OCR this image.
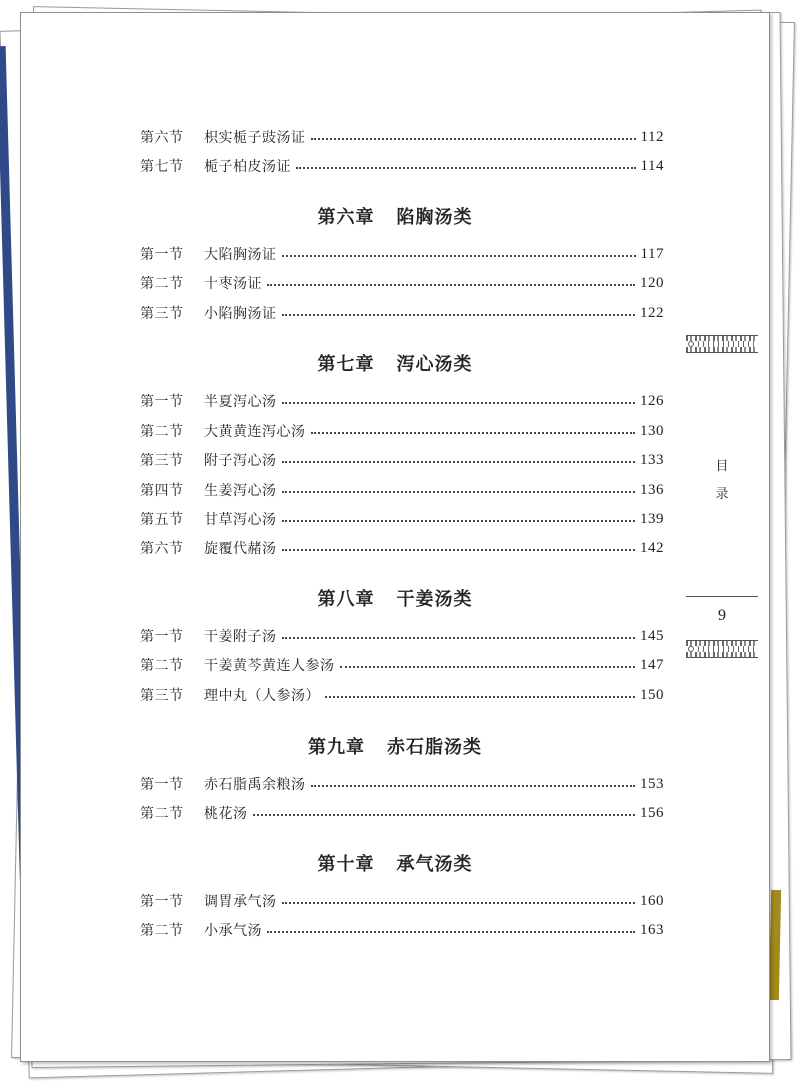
第六节	枳实栀子豉汤证	112
第七节	栀子柏皮汤证	114
第六章 陷胸汤类
第一节	大陷胸汤证	117
第二节	十枣汤证	120
第三节	小陷胸汤证	122
第七章 泻心汤类
第一节	半夏泻心汤	126
第二节	大黄黄连泻心汤	130
第三节	附子泻心汤	133
第四节	生姜泻心汤	136
第五节	甘草泻心汤	139
第六节	旋覆代赭汤	142
第八章 干姜汤类
第一节	干姜附子汤	145
第二节	干姜黄芩黄连人参汤	147
第三节	理中丸（人参汤）	150
第九章 赤石脂汤类
第一节	赤石脂禹余粮汤	153
第二节	桃花汤	156
第十章 承气汤类
第一节	调胃承气汤	160
第二节	小承气汤	163
目
录
9
